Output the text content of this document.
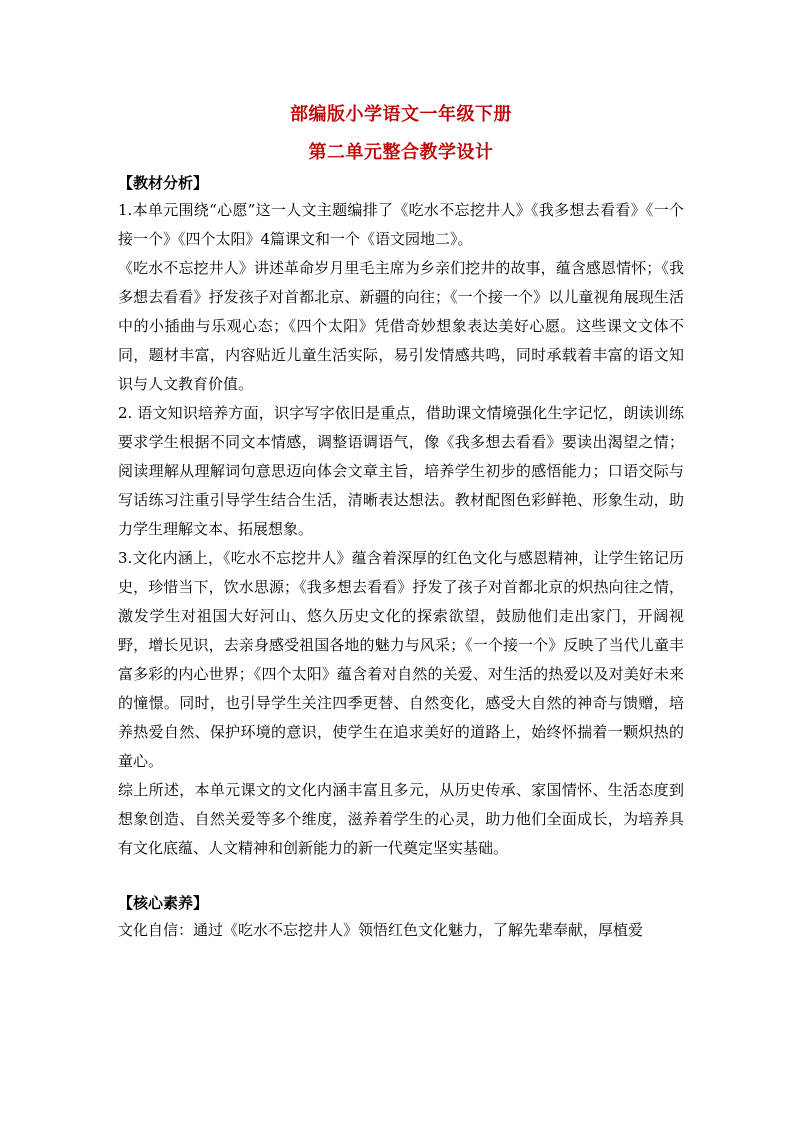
部编版小学语文一年级下册
第二单元整合教学设计

【教材分析】

1.本单元围绕“心愿”这一人文主题编排了《吃水不忘挖井人》《我多想去看看》《一个接一个》《四个太阳》4篇课文和一个《语文园地二》。

《吃水不忘挖井人》讲述革命岁月里毛主席为乡亲们挖井的故事，蕴含感恩情怀；《我多想去看看》抒发孩子对首都北京、新疆的向往；《一个接一个》以儿童视角展现生活中的小插曲与乐观心态；《四个太阳》凭借奇妙想象表达美好心愿。这些课文文体不同，题材丰富，内容贴近儿童生活实际，易引发情感共鸣，同时承载着丰富的语文知识与人文教育价值。

2. 语文知识培养方面，识字写字依旧是重点，借助课文情境强化生字记忆，朗读训练要求学生根据不同文本情感，调整语调语气，像《我多想去看看》要读出渴望之情；阅读理解从理解词句意思迈向体会文章主旨，培养学生初步的感悟能力；口语交际与写话练习注重引导学生结合生活，清晰表达想法。教材配图色彩鲜艳、形象生动，助力学生理解文本、拓展想象。

3.文化内涵上，《吃水不忘挖井人》蕴含着深厚的红色文化与感恩精神，让学生铭记历史，珍惜当下，饮水思源；《我多想去看看》抒发了孩子对首都北京的炽热向往之情，激发学生对祖国大好河山、悠久历史文化的探索欲望，鼓励他们走出家门，开阔视野，增长见识，去亲身感受祖国各地的魅力与风采；《一个接一个》反映了当代儿童丰富多彩的内心世界；《四个太阳》蕴含着对自然的关爱、对生活的热爱以及对美好未来的憧憬。同时，也引导学生关注四季更替、自然变化，感受大自然的神奇与馈赠，培养热爱自然、保护环境的意识，使学生在追求美好的道路上，始终怀揣着一颗炽热的童心。

综上所述，本单元课文的文化内涵丰富且多元，从历史传承、家国情怀、生活态度到想象创造、自然关爱等多个维度，滋养着学生的心灵，助力他们全面成长，为培养具有文化底蕴、人文精神和创新能力的新一代奠定坚实基础。

【核心素养】

文化自信：通过《吃水不忘挖井人》领悟红色文化魅力，了解先辈奉献，厚植爱
